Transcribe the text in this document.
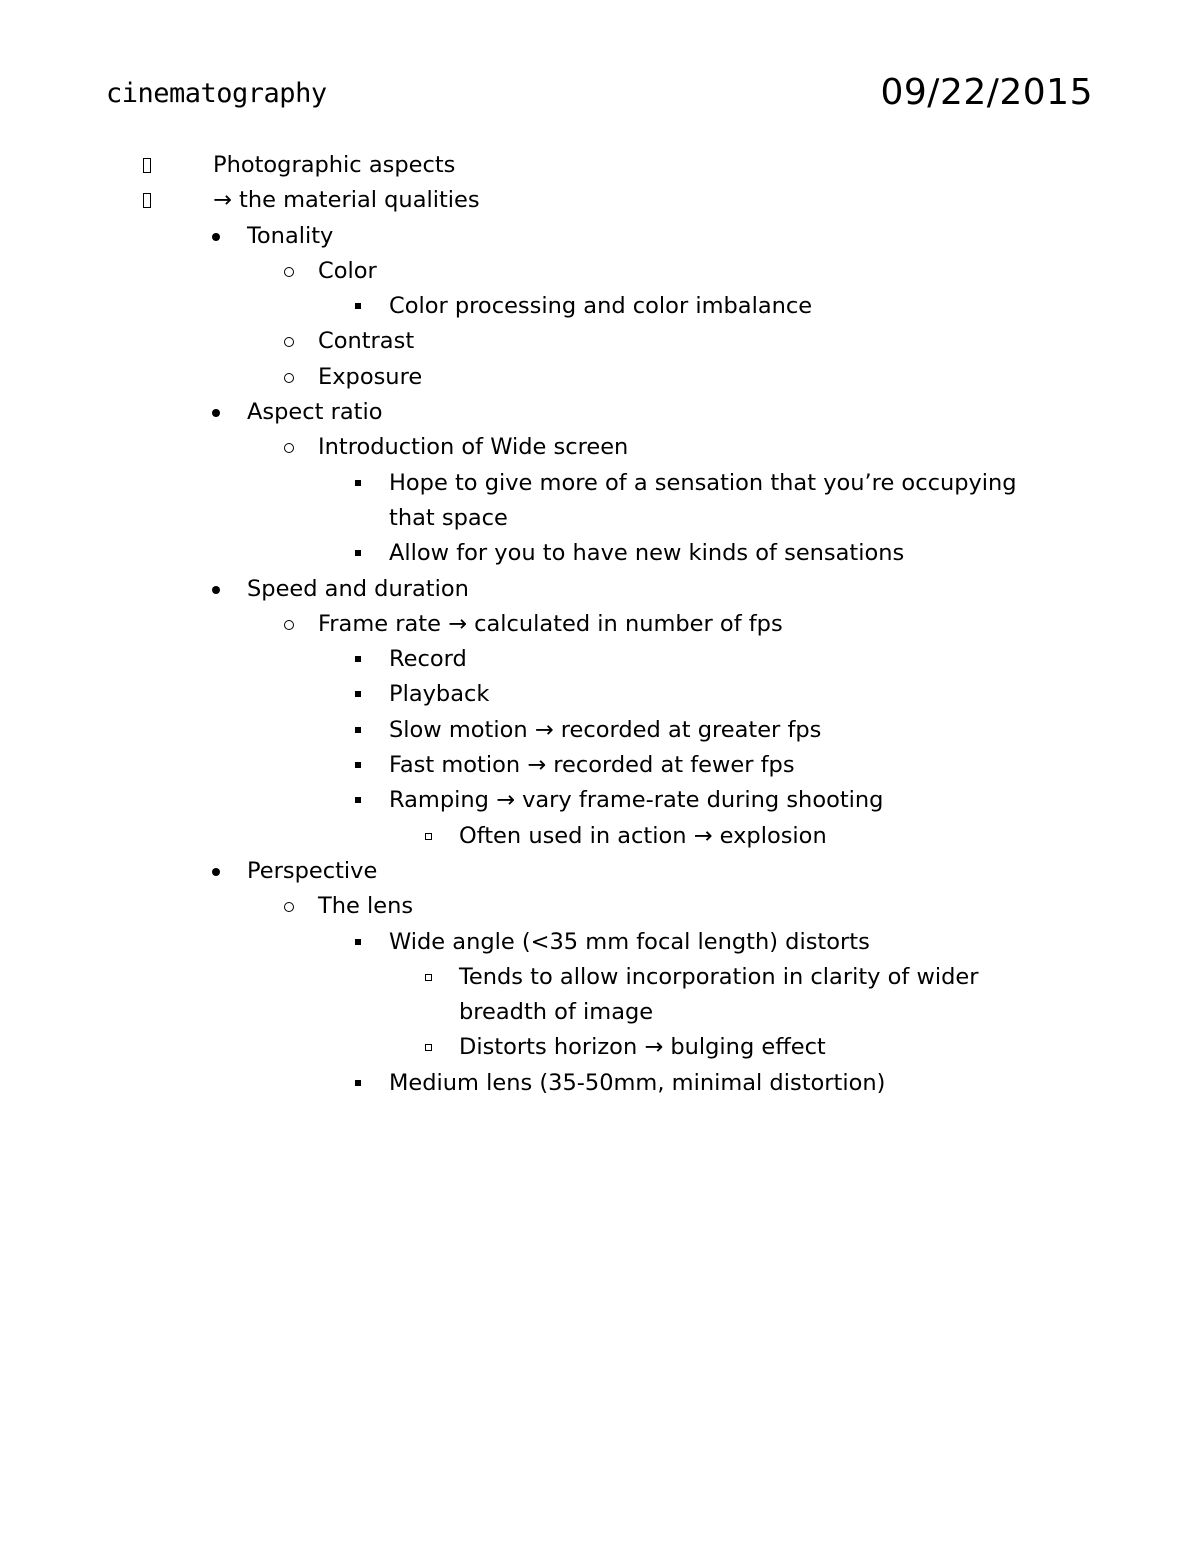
cinematography	09/22/2015
Photographic aspects
→ the material qualities
Tonality
Color
Color processing and color imbalance
Contrast
Exposure
Aspect ratio
Introduction of Wide screen
Hope to give more of a sensation that you’re occupying
that space
Allow for you to have new kinds of sensations
Speed and duration
Frame rate → calculated in number of fps
Record
Playback
Slow motion → recorded at greater fps
Fast motion → recorded at fewer fps
Ramping → vary frame-rate during shooting
Often used in action → explosion
Perspective
The lens
Wide angle (<35 mm focal length) distorts
Tends to allow incorporation in clarity of wider
breadth of image
Distorts horizon → bulging effect
Medium lens (35-50mm, minimal distortion)
